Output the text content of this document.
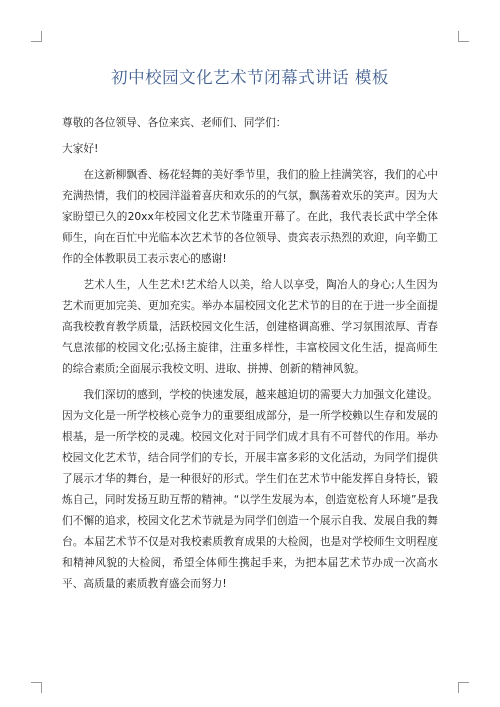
初中校园文化艺术节闭幕式讲话 模板

尊敬的各位领导、各位来宾、老师们、同学们：

大家好!

在这新柳飘香、杨花轻舞的美好季节里，我们的脸上挂满笑容，我们的心中充满热情，我们的校园洋溢着喜庆和欢乐的的气氛，飘荡着欢乐的笑声。因为大家盼望已久的20xx年校园文化艺术节隆重开幕了。在此，我代表长武中学全体师生，向在百忙中光临本次艺术节的各位领导、贵宾表示热烈的欢迎，向辛勤工作的全体教职员工表示衷心的感谢!

艺术人生，人生艺术!艺术给人以美，给人以享受，陶冶人的身心;人生因为艺术而更加完美、更加充实。举办本届校园文化艺术节的目的在于进一步全面提高我校教育教学质量，活跃校园文化生活，创建格调高雅、学习氛围浓厚、青春气息浓郁的校园文化;弘扬主旋律，注重多样性，丰富校园文化生活，提高师生的综合素质;全面展示我校文明、进取、拼搏、创新的精神风貌。

我们深切的感到，学校的快速发展，越来越迫切的需要大力加强文化建设。因为文化是一所学校核心竞争力的重要组成部分，是一所学校赖以生存和发展的根基，是一所学校的灵魂。校园文化对于同学们成才具有不可替代的作用。举办校园文化艺术节，结合同学们的专长，开展丰富多彩的文化活动，为同学们提供了展示才华的舞台，是一种很好的形式。学生们在艺术节中能发挥自身特长，锻炼自己，同时发扬互助互帮的精神。“以学生发展为本，创造宽松育人环境”是我们不懈的追求，校园文化艺术节就是为同学们创造一个展示自我、发展自我的舞台。本届艺术节不仅是对我校素质教育成果的大检阅，也是对学校师生文明程度和精神风貌的大检阅，希望全体师生携起手来，为把本届艺术节办成一次高水平、高质量的素质教育盛会而努力!
